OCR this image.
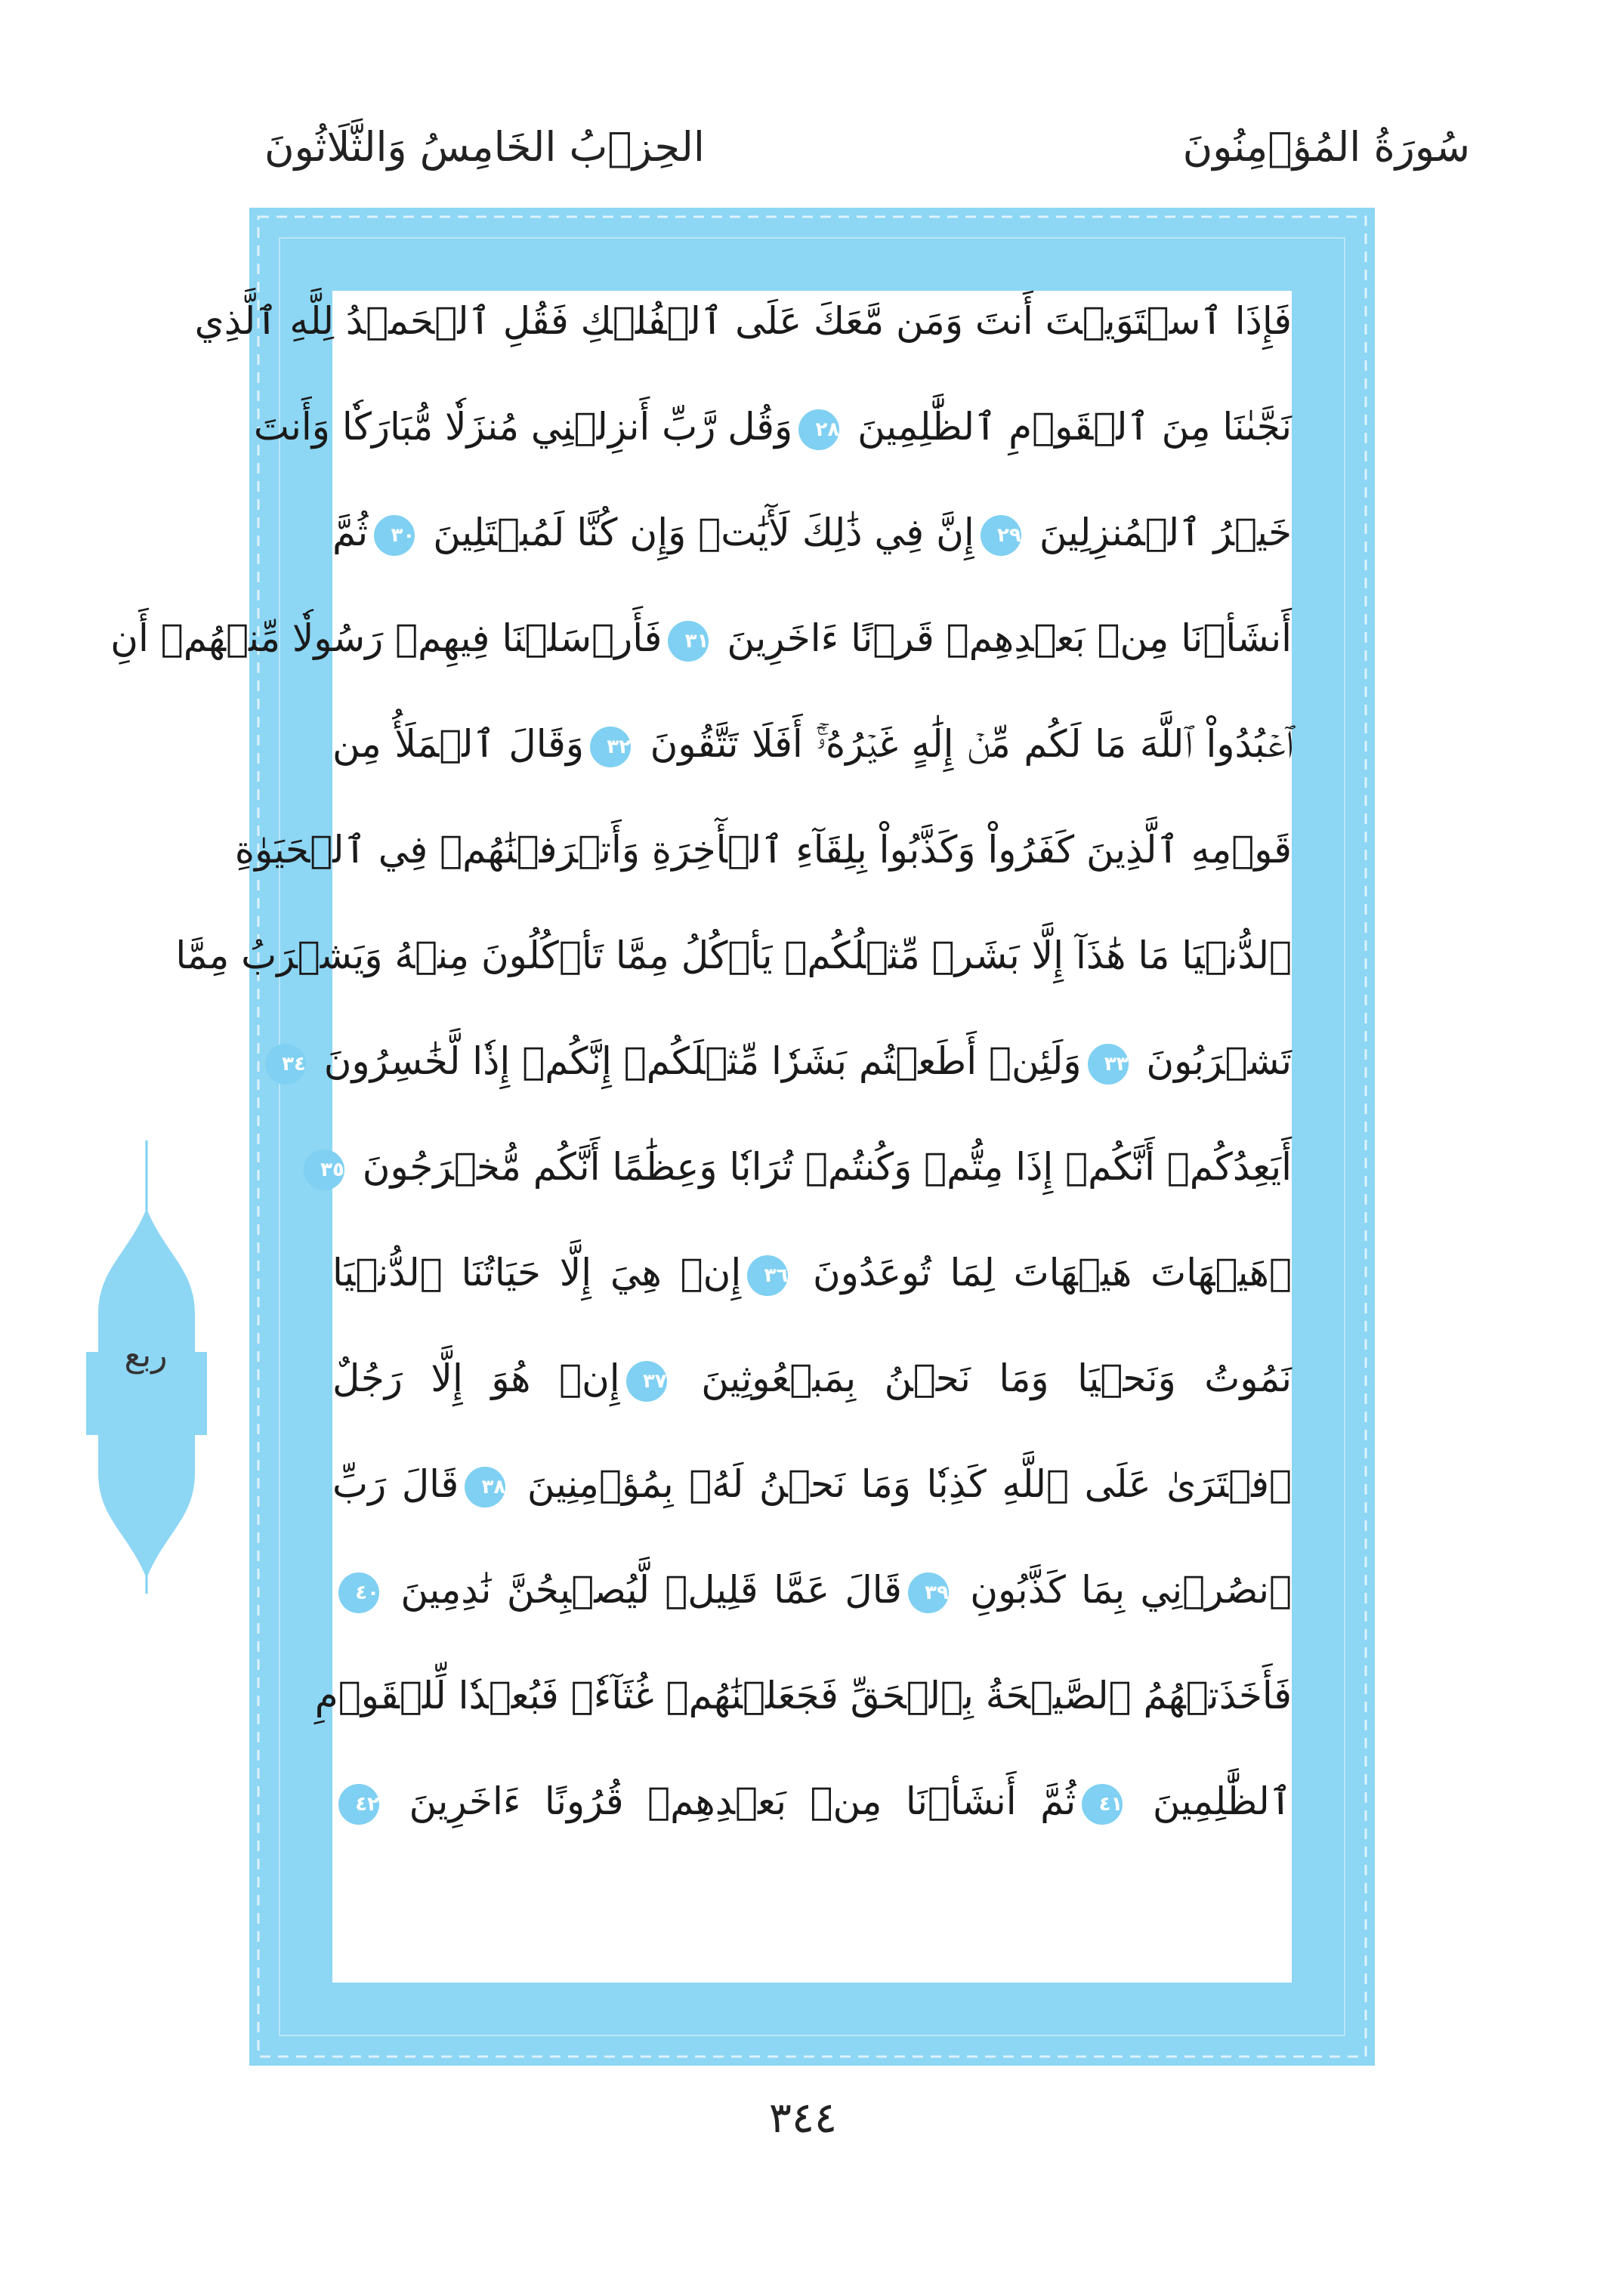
سُورَةُ المُؤۡمِنُونَ
الحِزۡبُ الخَامِسُ وَالثَّلَاثُونَ
فَإِذَا ٱسۡتَوَيۡتَ أَنتَ وَمَن مَّعَكَ عَلَى ٱلۡفُلۡكِ فَقُلِ ٱلۡحَمۡدُ لِلَّهِ ٱلَّذِي
نَجَّىٰنَا مِنَ ٱلۡقَوۡمِ ٱلظَّٰلِمِينَ ٢٨وَقُل رَّبِّ أَنزِلۡنِي مُنزَلٗا مُّبَارَكٗا وَأَنتَ
خَيۡرُ ٱلۡمُنزِلِينَ ٢٩إِنَّ فِي ذَٰلِكَ لَأٓيَٰتٖ وَإِن كُنَّا لَمُبۡتَلِينَ ٣٠ثُمَّ
أَنشَأۡنَا مِنۢ بَعۡدِهِمۡ قَرۡنًا ءَاخَرِينَ ٣١فَأَرۡسَلۡنَا فِيهِمۡ رَسُولٗا مِّنۡهُمۡ أَنِ
ٱعۡبُدُواْ ٱللَّهَ مَا لَكُم مِّنۡ إِلَٰهٍ غَيۡرُهُۥٓۚ أَفَلَا تَتَّقُونَ ٣٢وَقَالَ ٱلۡمَلَأُ مِن
قَوۡمِهِ ٱلَّذِينَ كَفَرُواْ وَكَذَّبُواْ بِلِقَآءِ ٱلۡأٓخِرَةِ وَأَتۡرَفۡنَٰهُمۡ فِي ٱلۡحَيَوٰةِ
ٱلدُّنۡيَا مَا هَٰذَآ إِلَّا بَشَرٞ مِّثۡلُكُمۡ يَأۡكُلُ مِمَّا تَأۡكُلُونَ مِنۡهُ وَيَشۡرَبُ مِمَّا
تَشۡرَبُونَ ٣٣وَلَئِنۡ أَطَعۡتُم بَشَرٗا مِّثۡلَكُمۡ إِنَّكُمۡ إِذٗا لَّخَٰسِرُونَ ٣٤
أَيَعِدُكُمۡ أَنَّكُمۡ إِذَا مِتُّمۡ وَكُنتُمۡ تُرَابٗا وَعِظَٰمًا أَنَّكُم مُّخۡرَجُونَ ٣٥
۞هَيۡهَاتَ هَيۡهَاتَ لِمَا تُوعَدُونَ ٣٦إِنۡ هِيَ إِلَّا حَيَاتُنَا ٱلدُّنۡيَا
نَمُوتُ وَنَحۡيَا وَمَا نَحۡنُ بِمَبۡعُوثِينَ ٣٧إِنۡ هُوَ إِلَّا رَجُلٌ
ٱفۡتَرَىٰ عَلَى ٱللَّهِ كَذِبٗا وَمَا نَحۡنُ لَهُۥ بِمُؤۡمِنِينَ ٣٨قَالَ رَبِّ
ٱنصُرۡنِي بِمَا كَذَّبُونِ ٣٩قَالَ عَمَّا قَلِيلٖ لَّيُصۡبِحُنَّ نَٰدِمِينَ ٤٠
فَأَخَذَتۡهُمُ ٱلصَّيۡحَةُ بِٱلۡحَقِّ فَجَعَلۡنَٰهُمۡ غُثَآءٗۚ فَبُعۡدٗا لِّلۡقَوۡمِ
ٱلظَّٰلِمِينَ ٤١ثُمَّ أَنشَأۡنَا مِنۢ بَعۡدِهِمۡ قُرُونًا ءَاخَرِينَ ٤٢
ربع
٣٤٤
